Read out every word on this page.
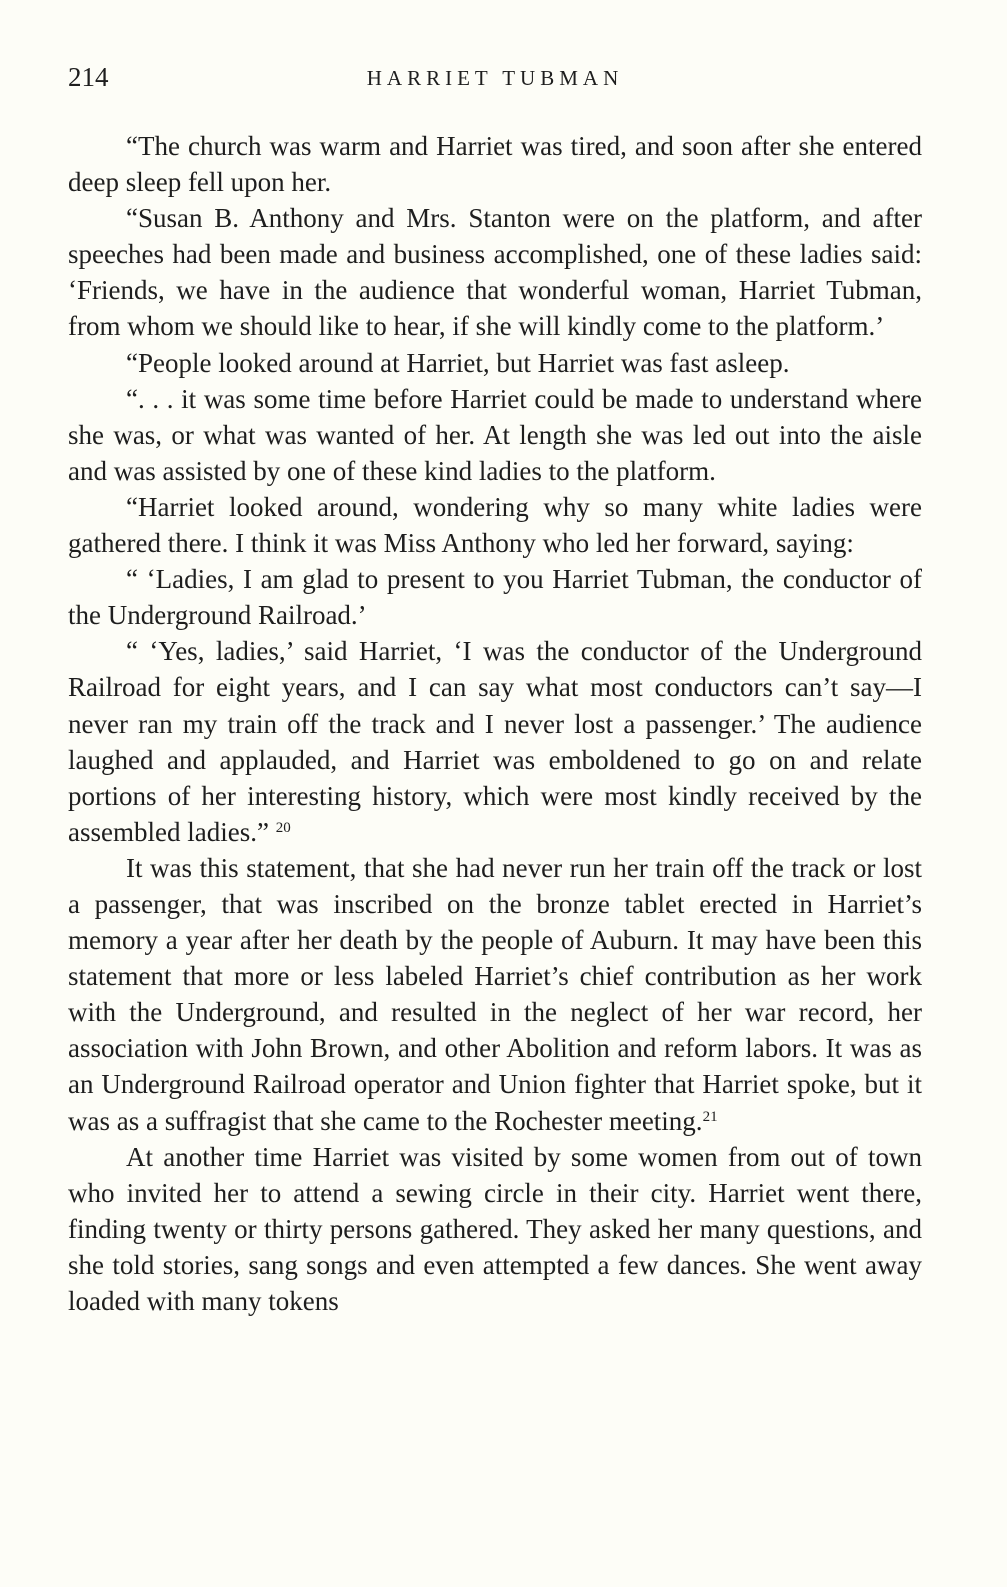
214	HARRIET TUBMAN

“The church was warm and Harriet was tired, and soon after she entered deep sleep fell upon her.

“Susan B. Anthony and Mrs. Stanton were on the platform, and after speeches had been made and business accomplished, one of these ladies said: ‘Friends, we have in the audience that wonderful woman, Harriet Tubman, from whom we should like to hear, if she will kindly come to the platform.’

“People looked around at Harriet, but Harriet was fast asleep.

“. . . it was some time before Harriet could be made to understand where she was, or what was wanted of her. At length she was led out into the aisle and was assisted by one of these kind ladies to the platform.

“Harriet looked around, wondering why so many white ladies were gathered there. I think it was Miss Anthony who led her forward, saying:

“ ‘Ladies, I am glad to present to you Harriet Tubman, the conductor of the Underground Railroad.’

“ ‘Yes, ladies,’ said Harriet, ‘I was the conductor of the Underground Railroad for eight years, and I can say what most conductors can’t say—I never ran my train off the track and I never lost a passenger.’ The audience laughed and applauded, and Harriet was emboldened to go on and relate portions of her interesting history, which were most kindly received by the assembled ladies.” $^{20}$

It was this statement, that she had never run her train off the track or lost a passenger, that was inscribed on the bronze tablet erected in Harriet’s memory a year after her death by the people of Auburn. It may have been this statement that more or less labeled Harriet’s chief contribution as her work with the Underground, and resulted in the neglect of her war record, her association with John Brown, and other Abolition and reform labors. It was as an Underground Railroad operator and Union fighter that Harriet spoke, but it was as a suffragist that she came to the Rochester meeting.$^{21}$

At another time Harriet was visited by some women from out of town who invited her to attend a sewing circle in their city. Harriet went there, finding twenty or thirty persons gathered. They asked her many questions, and she told stories, sang songs and even attempted a few dances. She went away loaded with many tokens
